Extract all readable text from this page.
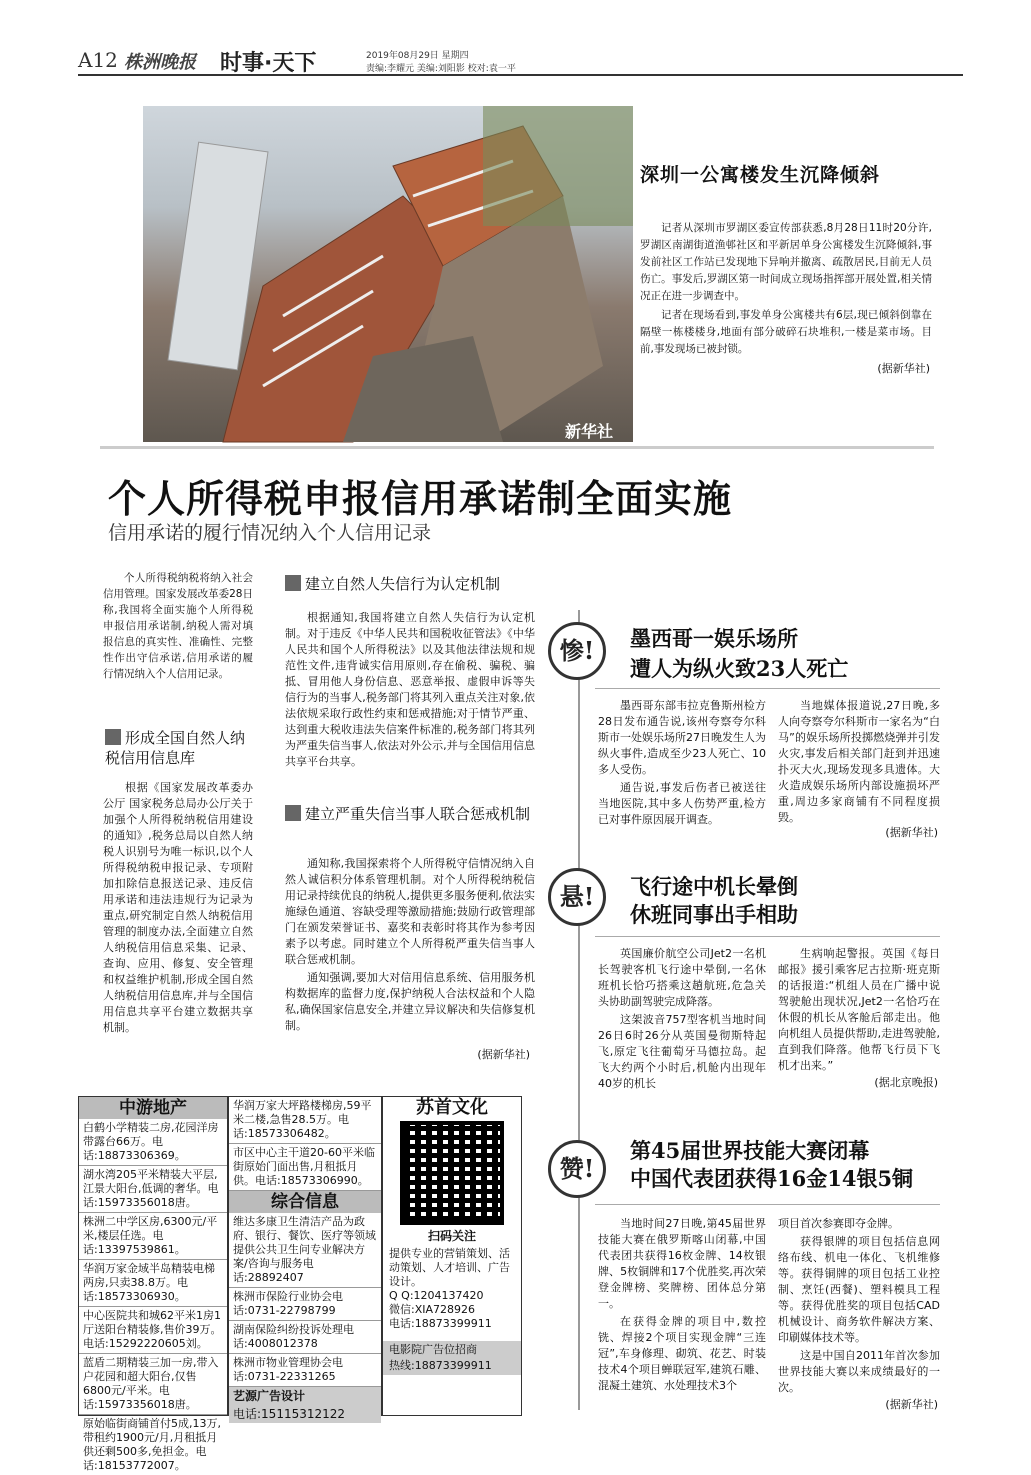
A12 株洲晚报 时事·天下	2019年08月29日 星期四
责编:李耀元 美编:刘阳影 校对:袁一平
新华社
深圳一公寓楼发生沉降倾斜

记者从深圳市罗湖区委宣传部获悉,8月28日11时20分许,罗湖区南湖街道渔邨社区和平新居单身公寓楼发生沉降倾斜,事发前社区工作站已发现地下异响并撤离、疏散居民,目前无人员伤亡。事发后,罗湖区第一时间成立现场指挥部开展处置,相关情况正在进一步调查中。

记者在现场看到,事发单身公寓楼共有6层,现已倾斜倒靠在隔壁一栋楼楼身,地面有部分破碎石块堆积,一楼是菜市场。目前,事发现场已被封锁。

(据新华社)
个人所得税申报信用承诺制全面实施
信用承诺的履行情况纳入个人信用记录

个人所得税纳税将纳入社会信用管理。国家发展改革委28日称,我国将全面实施个人所得税申报信用承诺制,纳税人需对填报信息的真实性、准确性、完整性作出守信承诺,信用承诺的履行情况纳入个人信用记录。

形成全国自然人纳税信用信息库

根据《国家发展改革委办公厅 国家税务总局办公厅关于加强个人所得税纳税信用建设的通知》,税务总局以自然人纳税人识别号为唯一标识,以个人所得税纳税申报记录、专项附加扣除信息报送记录、违反信用承诺和违法违规行为记录为重点,研究制定自然人纳税信用管理的制度办法,全面建立自然人纳税信用信息采集、记录、查询、应用、修复、安全管理和权益维护机制,形成全国自然人纳税信用信息库,并与全国信用信息共享平台建立数据共享机制。

建立自然人失信行为认定机制

根据通知,我国将建立自然人失信行为认定机制。对于违反《中华人民共和国税收征管法》《中华人民共和国个人所得税法》以及其他法律法规和规范性文件,违背诚实信用原则,存在偷税、骗税、骗抵、冒用他人身份信息、恶意举报、虚假申诉等失信行为的当事人,税务部门将其列入重点关注对象,依法依规采取行政性约束和惩戒措施;对于情节严重、达到重大税收违法失信案件标准的,税务部门将其列为严重失信当事人,依法对外公示,并与全国信用信息共享平台共享。

建立严重失信当事人联合惩戒机制

通知称,我国探索将个人所得税守信情况纳入自然人诚信积分体系管理机制。对个人所得税纳税信用记录持续优良的纳税人,提供更多服务便利,依法实施绿色通道、容缺受理等激励措施;鼓励行政管理部门在颁发荣誉证书、嘉奖和表彰时将其作为参考因素予以考虑。同时建立个人所得税严重失信当事人联合惩戒机制。

通知强调,要加大对信用信息系统、信用服务机构数据库的监督力度,保护纳税人合法权益和个人隐私,确保国家信息安全,并建立异议解决和失信修复机制。

(据新华社)
惨!	墨西哥一娱乐场所
遭人为纵火致23人死亡

墨西哥东部韦拉克鲁斯州检方28日发布通告说,该州夸察夸尔科斯市一处娱乐场所27日晚发生人为纵火事件,造成至少23人死亡、10多人受伤。

通告说,事发后伤者已被送往当地医院,其中多人伤势严重,检方已对事件原因展开调查。

当地媒体报道说,27日晚,多人向夸察夸尔科斯市一家名为“白马”的娱乐场所投掷燃烧弹并引发火灾,事发后相关部门赶到并迅速扑灭大火,现场发现多具遗体。大火造成娱乐场所内部设施损坏严重,周边多家商铺有不同程度损毁。

(据新华社)
悬!	飞行途中机长晕倒
休班同事出手相助

英国廉价航空公司Jet2一名机长驾驶客机飞行途中晕倒,一名休班机长恰巧搭乘这趟航班,危急关头协助副驾驶完成降落。

这架波音757型客机当地时间26日6时26分从英国曼彻斯特起飞,原定飞往葡萄牙马德拉岛。起飞大约两个小时后,机舱内出现年40岁的机长

生病响起警报。英国《每日邮报》援引乘客尼古拉斯·班克斯的话报道:“机组人员在广播中说驾驶舱出现状况,Jet2一名恰巧在休假的机长从客舱后部走出。他向机组人员提供帮助,走进驾驶舱,直到我们降落。他帮飞行员下飞机才出来。”

(据北京晚报)
赞!
第45届世界技能大赛闭幕
中国代表团获得16金14银5铜

当地时间27日晚,第45届世界技能大赛在俄罗斯喀山闭幕,中国代表团共获得16枚金牌、14枚银牌、5枚铜牌和17个优胜奖,再次荣登金牌榜、奖牌榜、团体总分第一。

在获得金牌的项目中,数控铣、焊接2个项目实现金牌“三连冠”,车身修理、砌筑、花艺、时装技术4个项目蝉联冠军,建筑石雕、混凝土建筑、水处理技术3个

项目首次参赛即夺金牌。

获得银牌的项目包括信息网络布线、机电一体化、飞机维修等。获得铜牌的项目包括工业控制、烹饪(西餐)、塑料模具工程等。获得优胜奖的项目包括CAD机械设计、商务软件解决方案、印刷媒体技术等。

这是中国自2011年首次参加世界技能大赛以来成绩最好的一次。

(据新华社)
中游地产
白鹤小学精装二房,花园洋房带露台66万。电话:18873306369。
湖水湾205平米精装大平层,江景大阳台,低调的奢华。电话:15973356018唐。
株洲二中学区房,6300元/平米,楼层任选。电话:13397539861。
华润万家金域半岛精装电梯两房,只卖38.8万。电话:18573306930。
中心医院共和城62平米1房1厅送阳台精装修,售价39万。电话:15292220605刘。
蓝盾二期精装三加一房,带入户花园和超大阳台,仅售6800元/平米。电话:15973356018唐。
原始临街商铺首付5成,13万,带租约1900元/月,月租抵月供还剩500多,免担金。电话:18153772007。
华润万家大坪路楼梯房,59平米二楼,急售28.5万。电话:18573306482。
市区中心主干道20-60平米临街原始门面出售,月租抵月供。电话:18573306990。
综合信息
维达多康卫生清洁产品为政府、银行、餐饮、医疗等领域提供公共卫生问专业解决方案/咨询与服务电话:28892407
株洲市保险行业协会电话:0731-22798799
湖南保险纠纷投诉处理电话:4008012378
株洲市物业管理协会电话:0731-22331265
艺源广告设计
电话:15115312122
苏首文化
扫码关注
提供专业的营销策划、活动策划、人才培训、广告设计。
Q Q:1204137420
微信:XIA728926
电话:18873399911
电影院广告位招商
热线:18873399911
